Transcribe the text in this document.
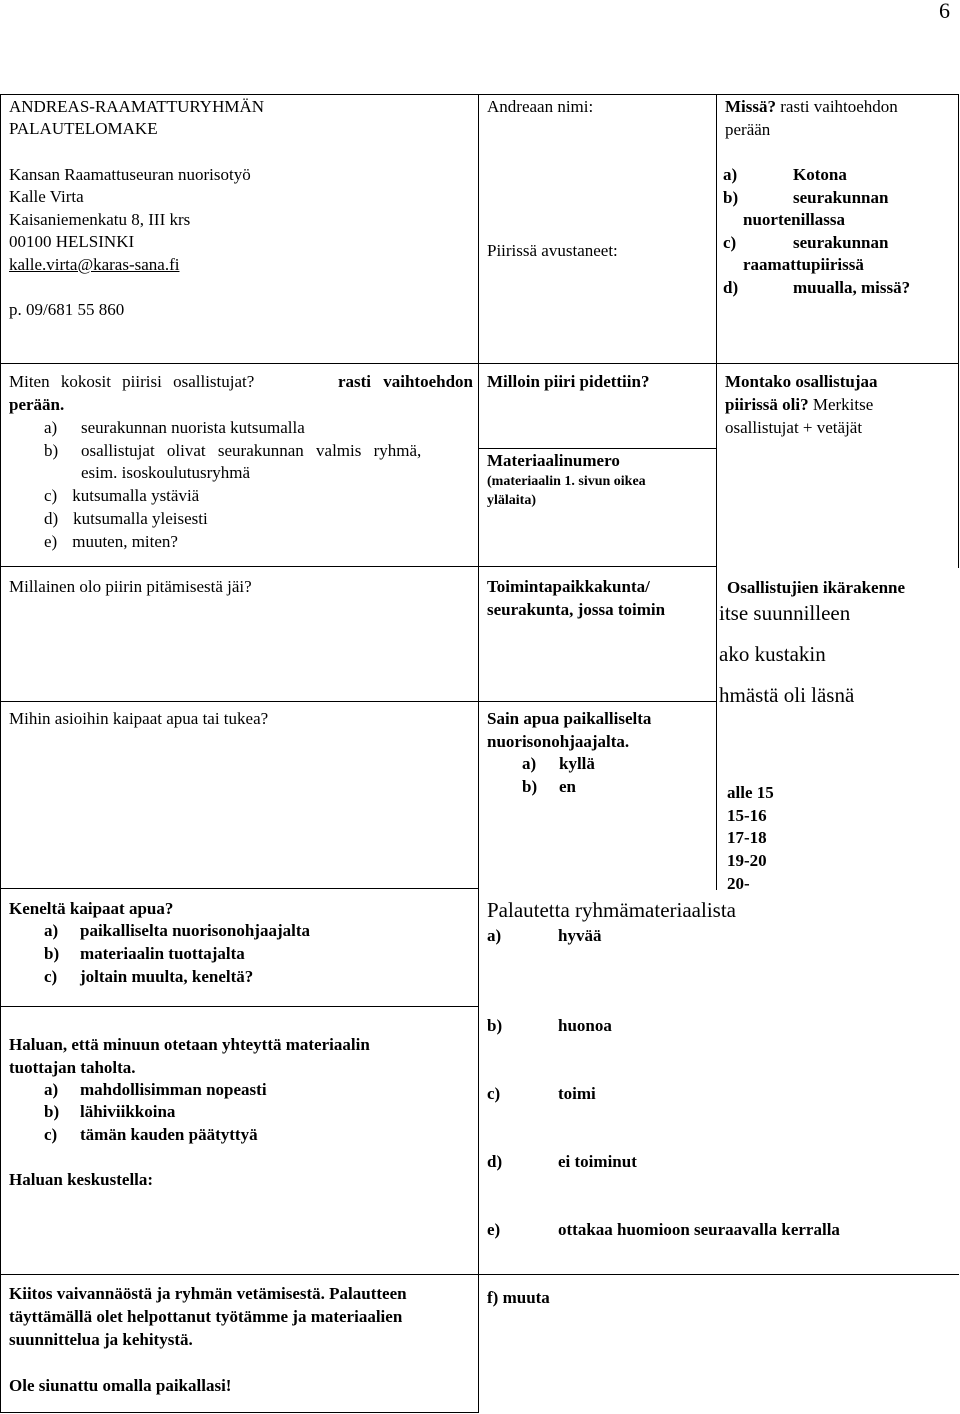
6
ANDREAS-RAAMATTURYHMÄN
PALAUTELOMAKE
Kansan Raamattuseuran nuorisotyö
Kalle Virta
Kaisaniemenkatu 8, III krs
00100 HELSINKI
kalle.virta@karas-sana.fi
p. 09/681 55 860
Andreaan nimi:
Piirissä avustaneet:
Missä? rasti vaihtoehdon
perään
a)	Kotona
b)	seurakunnan
nuortenillassa
c)	seurakunnan
raamattupiirissä
d)	muualla, missä?
Miten kokosit piirisi osallistujat?	rasti vaihtoehdon
perään.
a) seurakunnan nuorista kutsumalla
b) osallistujat olivat seurakunnan valmis ryhmä,
esim. isoskoulutusryhmä
c) kutsumalla ystäviä
d) kutsumalla yleisesti
e) muuten, miten?
Milloin piiri pidettiin?
Materiaalinumero
(materiaalin 1. sivun oikea
ylälaita)
Montako osallistujaa
piirissä oli? Merkitse
osallistujat + vetäjät
Millainen olo piirin pitämisestä jäi?	Toimintapaikkakunta/
seurakunta, jossa toimin
Osallistujien ikärakenne
itse suunnilleen
ako kustakin
hmästä oli läsnä
alle 15
15-16
17-18
19-20
20-
Mihin asioihin kaipaat apua tai tukea?	Sain apua paikalliselta
nuorisonohjaajalta.
a) kyllä
b) en
Keneltä kaipaat apua?
a) paikalliselta nuorisonohjaajalta
b) materiaalin tuottajalta
c) joltain muulta, keneltä?
Palautetta ryhmämateriaalista
a)	hyvää
b)	huonoa
c)	toimi
d)	ei toiminut
e)	ottakaa huomioon seuraavalla kerralla
Haluan, että minuun otetaan yhteyttä materiaalin
tuottajan taholta.
a) mahdollisimman nopeasti
b) lähiviikkoina
c) tämän kauden päätyttyä
Haluan keskustella:
Kiitos vaivannäöstä ja ryhmän vetämisestä. Palautteen
täyttämällä olet helpottanut työtämme ja materiaalien
suunnittelua ja kehitystä.
Ole siunattu omalla paikallasi!
f) muuta
